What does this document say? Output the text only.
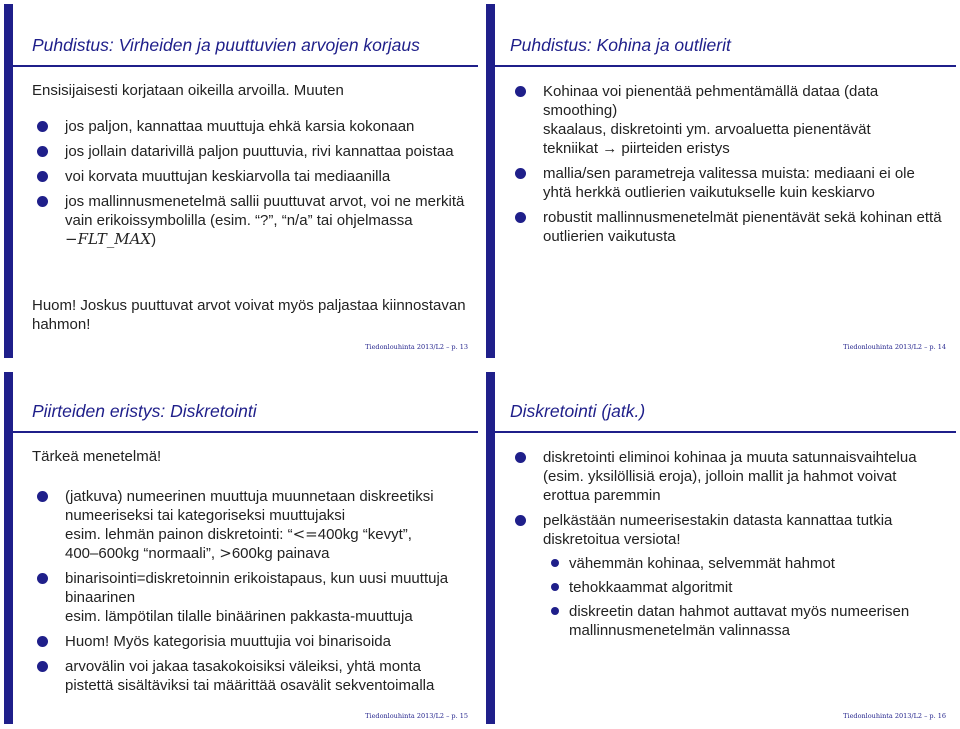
Puhdistus: Virheiden ja puuttuvien arvojen korjaus

Ensisijaisesti korjataan oikeilla arvoilla. Muuten

jos paljon, kannattaa muuttuja ehkä karsia kokonaan
jos jollain datarivillä paljon puuttuvia, rivi kannattaa poistaa
voi korvata muuttujan keskiarvolla tai mediaanilla
jos mallinnusmenetelmä sallii puuttuvat arvot, voi ne merkitä vain erikoissymbolilla (esim. “?”, “n/a” tai ohjelmassa −FLT_MAX)

Huom! Joskus puuttuvat arvot voivat myös paljastaa kiinnostavan hahmon!

Tiedonlouhinta 2013/L2 – p. 13
Puhdistus: Kohina ja outlierit
Kohinaa voi pienentää pehmentämällä dataa (data smoothing)
skaalaus, diskretointi ym. arvoaluetta pienentävät
tekniikat → piirteiden eristys
mallia/sen parametreja valitessa muista: mediaani ei ole yhtä herkkä outlierien vaikutukselle kuin keskiarvo
robustit mallinnusmenetelmät pienentävät sekä kohinan että outlierien vaikutusta
Tiedonlouhinta 2013/L2 – p. 14
Piirteiden eristys: Diskretointi

Tärkeä menetelmä!

(jatkuva) numeerinen muuttuja muunnetaan diskreetiksi numeeriseksi tai kategoriseksi muuttujaksi
esim. lehmän painon diskretointi: “<=400kg “kevyt”,
400–600kg “normaali”, >600kg painava
binarisointi=diskretoinnin erikoistapaus, kun uusi muuttuja binaarinen
esim. lämpötilan tilalle binäärinen pakkasta-muuttuja
Huom! Myös kategorisia muuttujia voi binarisoida
arvovälin voi jakaa tasakokoisiksi väleiksi, yhtä monta pistettä sisältäviksi tai määrittää osavälit sekventoimalla
Tiedonlouhinta 2013/L2 – p. 15
Diskretointi (jatk.)
diskretointi eliminoi kohinaa ja muuta satunnaisvaihtelua (esim. yksilöllisiä eroja), jolloin mallit ja hahmot voivat erottua paremmin
pelkästään numeerisestakin datasta kannattaa tutkia diskretoitua versiota!
vähemmän kohinaa, selvemmät hahmot
tehokkaammat algoritmit
diskreetin datan hahmot auttavat myös numeerisen mallinnusmenetelmän valinnassa
Tiedonlouhinta 2013/L2 – p. 16
